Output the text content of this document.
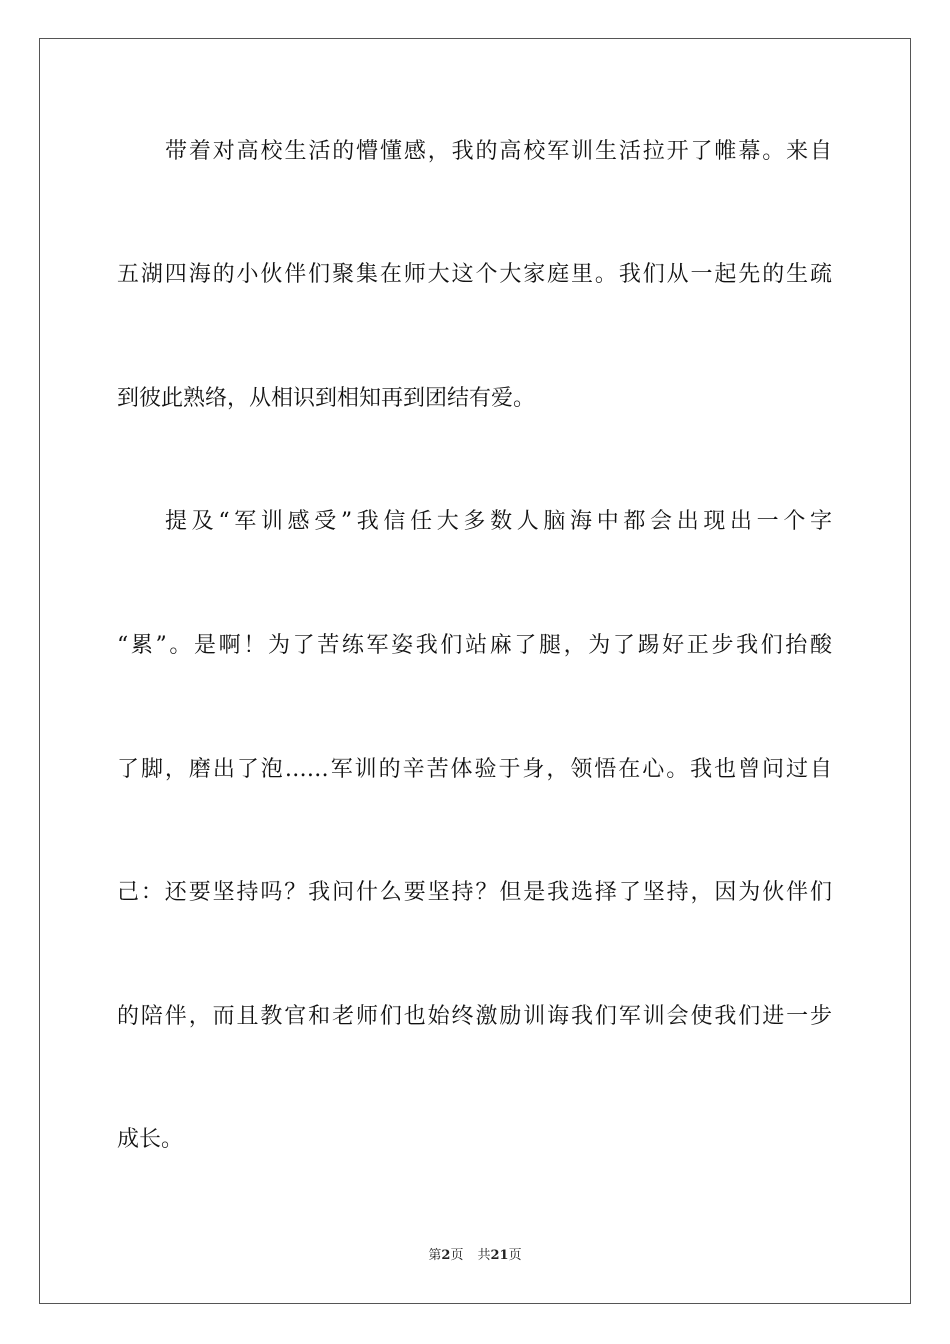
带着对高校生活的懵懂感，我的高校军训生活拉开了帷幕。来自
五湖四海的小伙伴们聚集在师大这个大家庭里。我们从一起先的生疏
到彼此熟络，从相识到相知再到团结有爱。
提及“军训感受”我信任大多数人脑海中都会出现出一个字
“累”。是啊！为了苦练军姿我们站麻了腿，为了踢好正步我们抬酸
了脚，磨出了泡……军训的辛苦体验于身，领悟在心。我也曾问过自
己：还要坚持吗？我问什么要坚持？但是我选择了坚持，因为伙伴们
的陪伴，而且教官和老师们也始终激励训诲我们军训会使我们进一步
成长。
第2页 共21页
